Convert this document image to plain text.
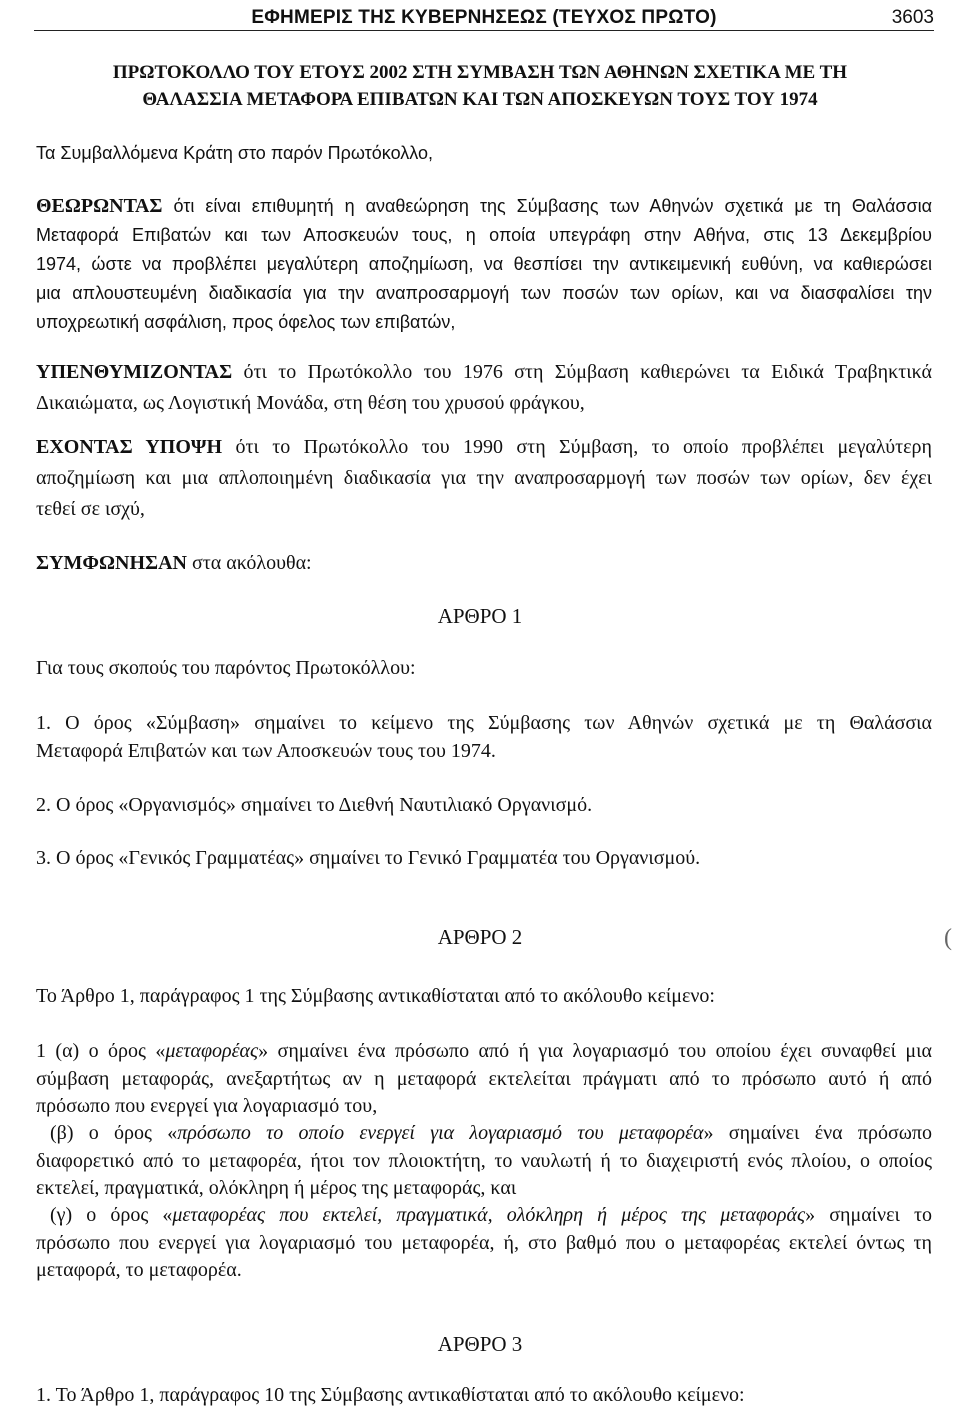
ΕΦΗΜΕΡΙΣ ΤΗΣ ΚΥΒΕΡΝΗΣΕΩΣ (ΤΕΥΧΟΣ ΠΡΩΤΟ)	3603
ΠΡΩΤΟΚΟΛΛΟ ΤΟΥ ΕΤΟΥΣ 2002 ΣΤΗ ΣΥΜΒΑΣΗ ΤΩΝ ΑΘΗΝΩΝ ΣΧΕΤΙΚΑ ΜΕ ΤΗ
ΘΑΛΑΣΣΙΑ ΜΕΤΑΦΟΡΑ ΕΠΙΒΑΤΩΝ ΚΑΙ ΤΩΝ ΑΠΟΣΚΕΥΩΝ ΤΟΥΣ ΤΟΥ 1974
Τα Συμβαλλόμενα Κράτη στο παρόν Πρωτόκολλο,
ΘΕΩΡΩΝΤΑΣ ότι είναι επιθυμητή η αναθεώρηση της Σύμβασης των Αθηνών σχετικά με τη Θαλάσσια
Μεταφορά Επιβατών και των Αποσκευών τους, η οποία υπεγράφη στην Αθήνα, στις 13 Δεκεμβρίου
1974, ώστε να προβλέπει μεγαλύτερη αποζημίωση, να θεσπίσει την αντικειμενική ευθύνη, να καθιερώσει
μια απλουστευμένη διαδικασία για την αναπροσαρμογή των ποσών των ορίων, και να διασφαλίσει την
υποχρεωτική ασφάλιση, προς όφελος των επιβατών,
ΥΠΕΝΘΥΜΙΖΟΝΤΑΣ ότι το Πρωτόκολλο του 1976 στη Σύμβαση καθιερώνει τα Ειδικά Τραβηκτικά
Δικαιώματα, ως Λογιστική Μονάδα, στη θέση του χρυσού φράγκου,
ΕΧΟΝΤΑΣ ΥΠΟΨΗ ότι το Πρωτόκολλο του 1990 στη Σύμβαση, το οποίο προβλέπει μεγαλύτερη
αποζημίωση και μια απλοποιημένη διαδικασία για την αναπροσαρμογή των ποσών των ορίων, δεν έχει
τεθεί σε ισχύ,
ΣΥΜΦΩΝΗΣΑΝ στα ακόλουθα:
ΑΡΘΡΟ 1
Για τους σκοπούς του παρόντος Πρωτοκόλλου:
1. Ο όρος «Σύμβαση» σημαίνει το κείμενο της Σύμβασης των Αθηνών σχετικά με τη Θαλάσσια
Μεταφορά Επιβατών και των Αποσκευών τους του 1974.
2. Ο όρος «Οργανισμός» σημαίνει το Διεθνή Ναυτιλιακό Οργανισμό.
3. Ο όρος «Γενικός Γραμματέας» σημαίνει το Γενικό Γραμματέα του Οργανισμού.
ΑΡΘΡΟ 2
Το Άρθρο 1, παράγραφος 1 της Σύμβασης αντικαθίσταται από το ακόλουθο κείμενο:
1 (α) ο όρος «μεταφορέας» σημαίνει ένα πρόσωπο από ή για λογαριασμό του οποίου έχει συναφθεί μια
σύμβαση μεταφοράς, ανεξαρτήτως αν η μεταφορά εκτελείται πράγματι από το πρόσωπο αυτό ή από
πρόσωπο που ενεργεί για λογαριασμό του,
(β) ο όρος «πρόσωπο το οποίο ενεργεί για λογαριασμό του μεταφορέα» σημαίνει ένα πρόσωπο
διαφορετικό από το μεταφορέα, ήτοι τον πλοιοκτήτη, το ναυλωτή ή το διαχειριστή ενός πλοίου, ο οποίος
εκτελεί, πραγματικά, ολόκληρη ή μέρος της μεταφοράς, και
(γ) ο όρος «μεταφορέας που εκτελεί, πραγματικά, ολόκληρη ή μέρος της μεταφοράς» σημαίνει το
πρόσωπο που ενεργεί για λογαριασμό του μεταφορέα, ή, στο βαθμό που ο μεταφορέας εκτελεί όντως τη
μεταφορά, το μεταφορέα.
ΑΡΘΡΟ 3
1. Το Άρθρο 1, παράγραφος 10 της Σύμβασης αντικαθίσταται από το ακόλουθο κείμενο:
(
